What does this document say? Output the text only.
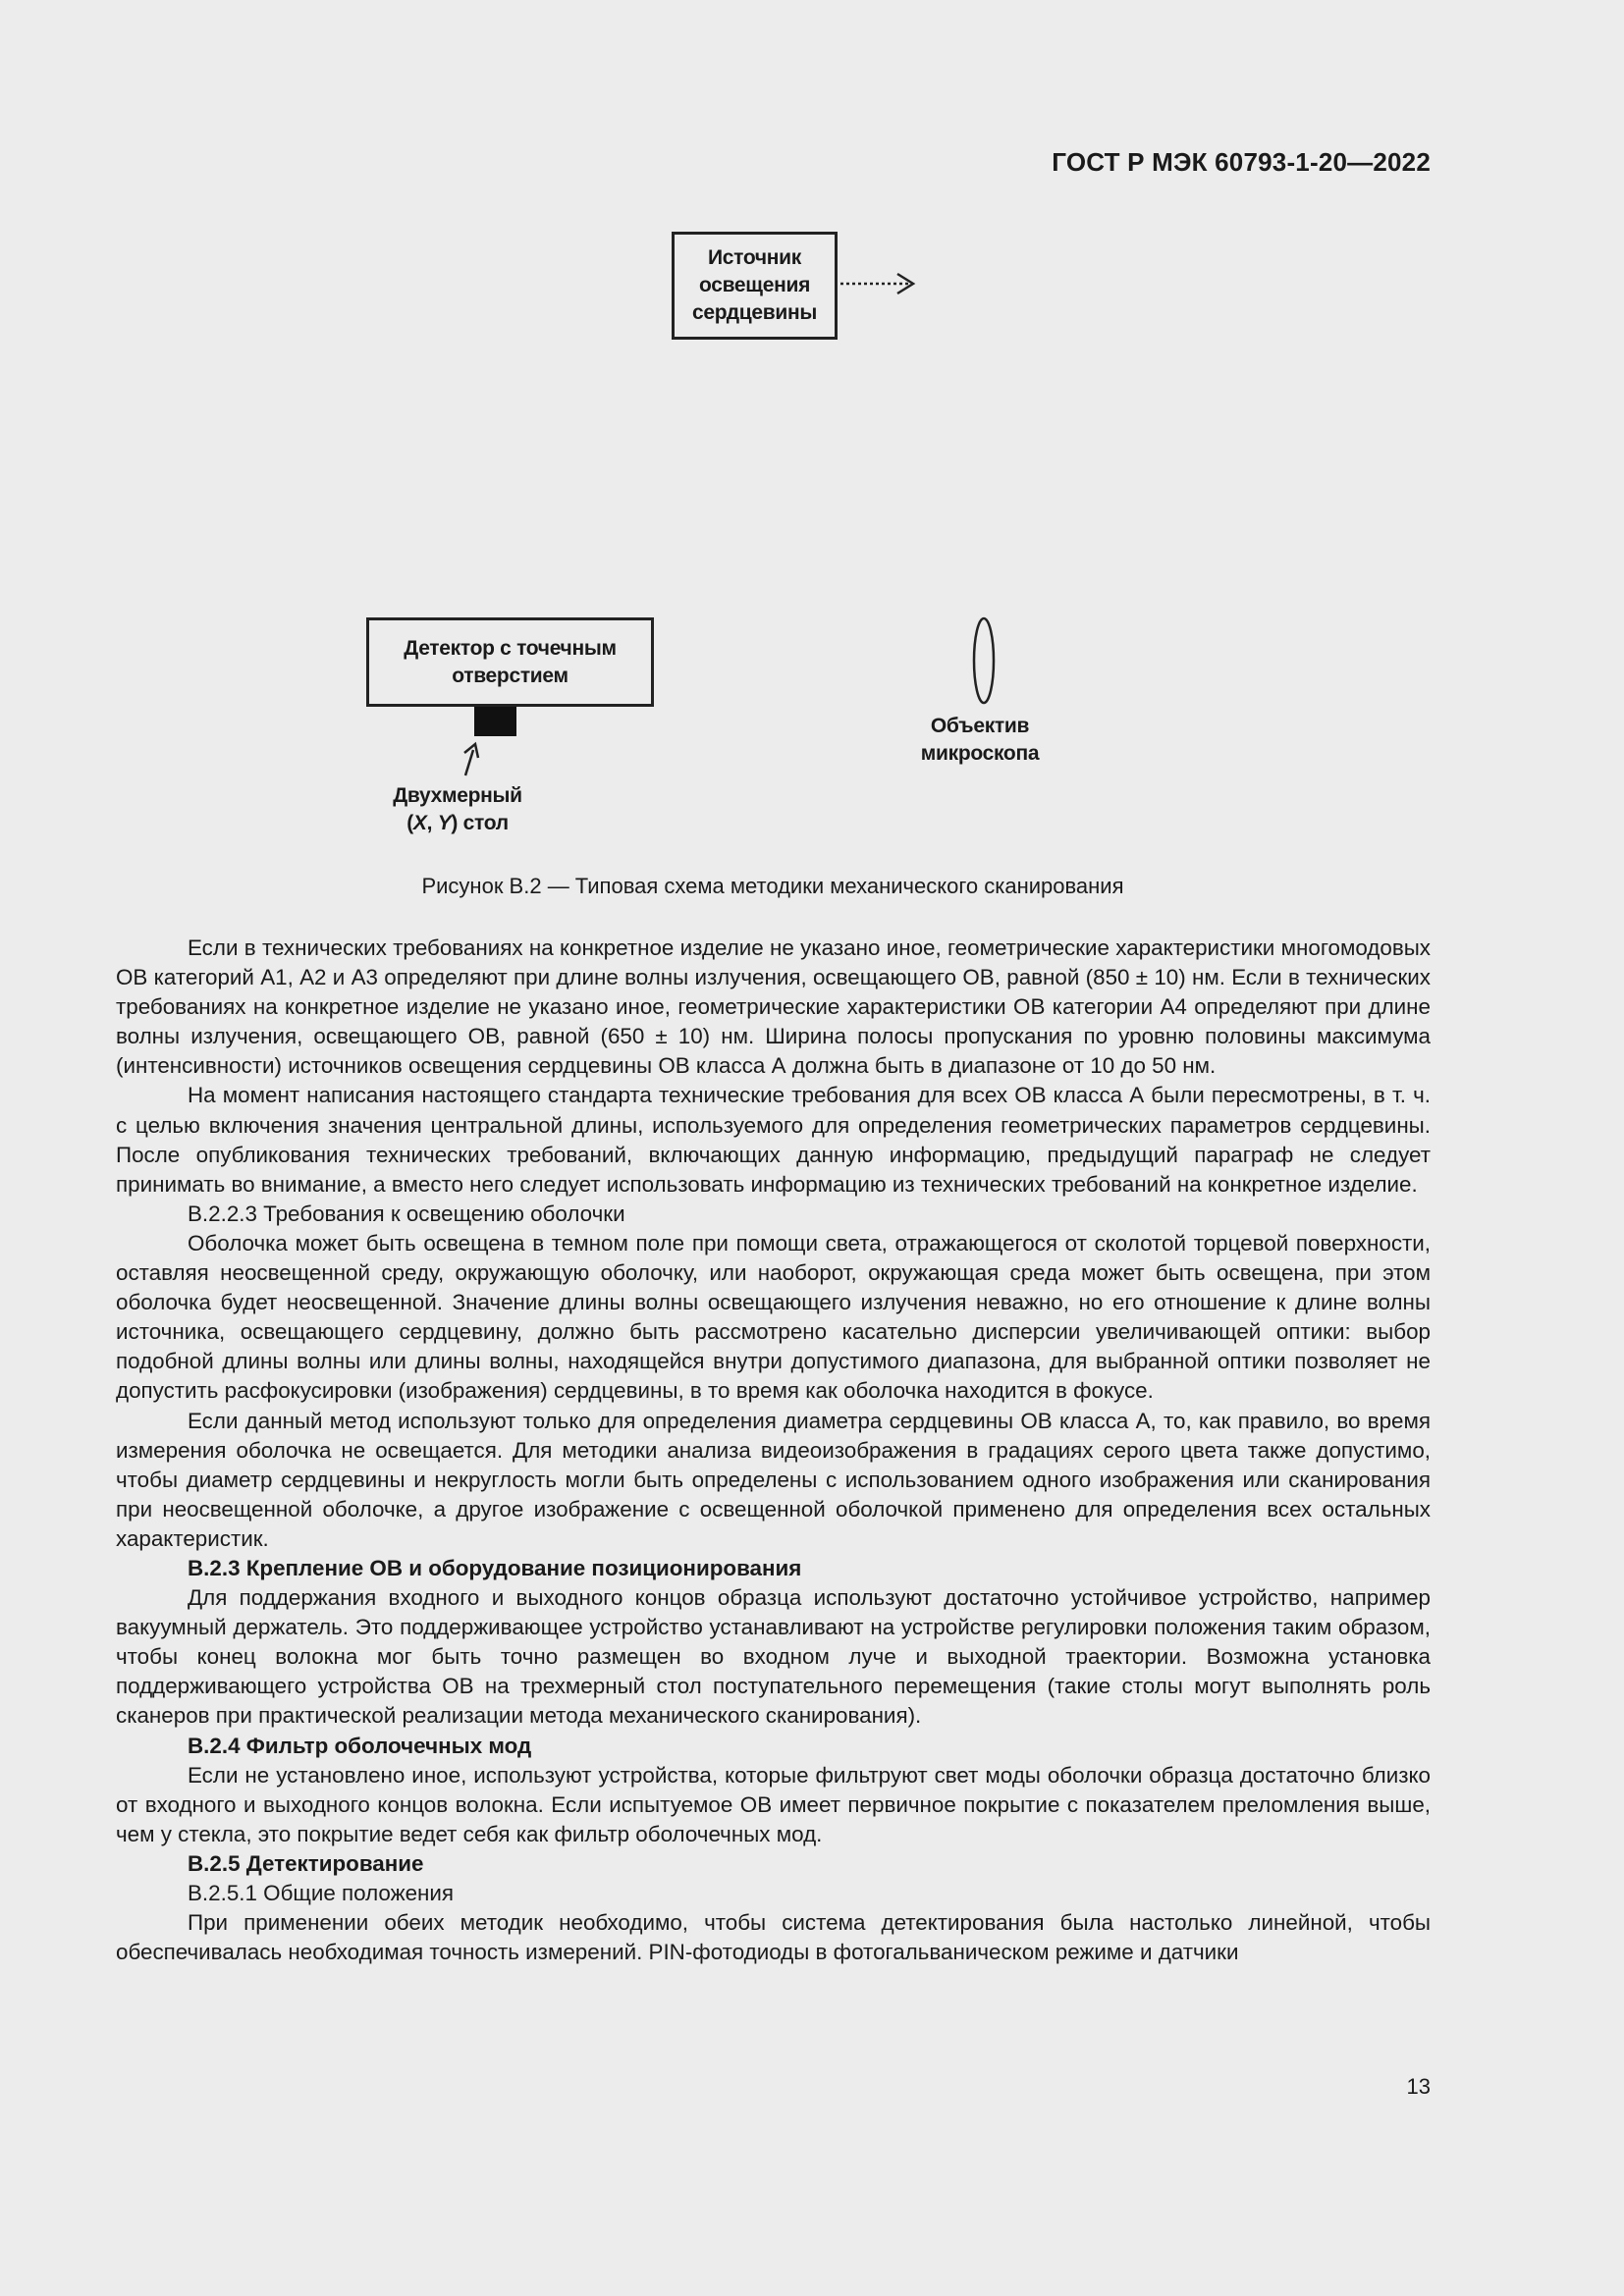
ГОСТ Р МЭК 60793-1-20—2022
Источник
освещения
сердцевины
Детектор с точечным
отверстием
Двухмерный
(X, Y) стол
Объектив
микроскопа
Рисунок В.2 — Типовая схема методики механического сканирования

Если в технических требованиях на конкретное изделие не указано иное, геометрические характеристики многомодовых ОВ категорий А1, А2 и А3 определяют при длине волны излучения, освещающего ОВ, равной (850 ± 10) нм. Если в технических требованиях на конкретное изделие не указано иное, геометрические характеристики ОВ категории А4 определяют при длине волны излучения, освещающего ОВ, равной (650 ± 10) нм. Ширина полосы пропускания по уровню половины максимума (интенсивности) источников освещения сердцевины ОВ класса А должна быть в диапазоне от 10 до 50 нм.

На момент написания настоящего стандарта технические требования для всех ОВ класса А были пересмотрены, в т. ч. с целью включения значения центральной длины, используемого для определения геометрических параметров сердцевины. После опубликования технических требований, включающих данную информацию, предыдущий параграф не следует принимать во внимание, а вместо него следует использовать информацию из технических требований на конкретное изделие.

В.2.2.3 Требования к освещению оболочки

Оболочка может быть освещена в темном поле при помощи света, отражающегося от сколотой торцевой поверхности, оставляя неосвещенной среду, окружающую оболочку, или наоборот, окружающая среда может быть освещена, при этом оболочка будет неосвещенной. Значение длины волны освещающего излучения неважно, но его отношение к длине волны источника, освещающего сердцевину, должно быть рассмотрено касательно дисперсии увеличивающей оптики: выбор подобной длины волны или длины волны, находящейся внутри допустимого диапазона, для выбранной оптики позволяет не допустить расфокусировки (изображения) сердцевины, в то время как оболочка находится в фокусе.

Если данный метод используют только для определения диаметра сердцевины ОВ класса А, то, как правило, во время измерения оболочка не освещается. Для методики анализа видеоизображения в градациях серого цвета также допустимо, чтобы диаметр сердцевины и некруглость могли быть определены с использованием одного изображения или сканирования при неосвещенной оболочке, а другое изображение с освещенной оболочкой применено для определения всех остальных характеристик.

В.2.3 Крепление ОВ и оборудование позиционирования

Для поддержания входного и выходного концов образца используют достаточно устойчивое устройство, например вакуумный держатель. Это поддерживающее устройство устанавливают на устройстве регулировки положения таким образом, чтобы конец волокна мог быть точно размещен во входном луче и выходной траектории. Возможна установка поддерживающего устройства ОВ на трехмерный стол поступательного перемещения (такие столы могут выполнять роль сканеров при практической реализации метода механического сканирования).

В.2.4 Фильтр оболочечных мод

Если не установлено иное, используют устройства, которые фильтруют свет моды оболочки образца достаточно близко от входного и выходного концов волокна. Если испытуемое ОВ имеет первичное покрытие с показателем преломления выше, чем у стекла, это покрытие ведет себя как фильтр оболочечных мод.

В.2.5 Детектирование

В.2.5.1 Общие положения

При применении обеих методик необходимо, чтобы система детектирования была настолько линейной, чтобы обеспечивалась необходимая точность измерений. PIN-фотодиоды в фотогальваническом режиме и датчики

13
